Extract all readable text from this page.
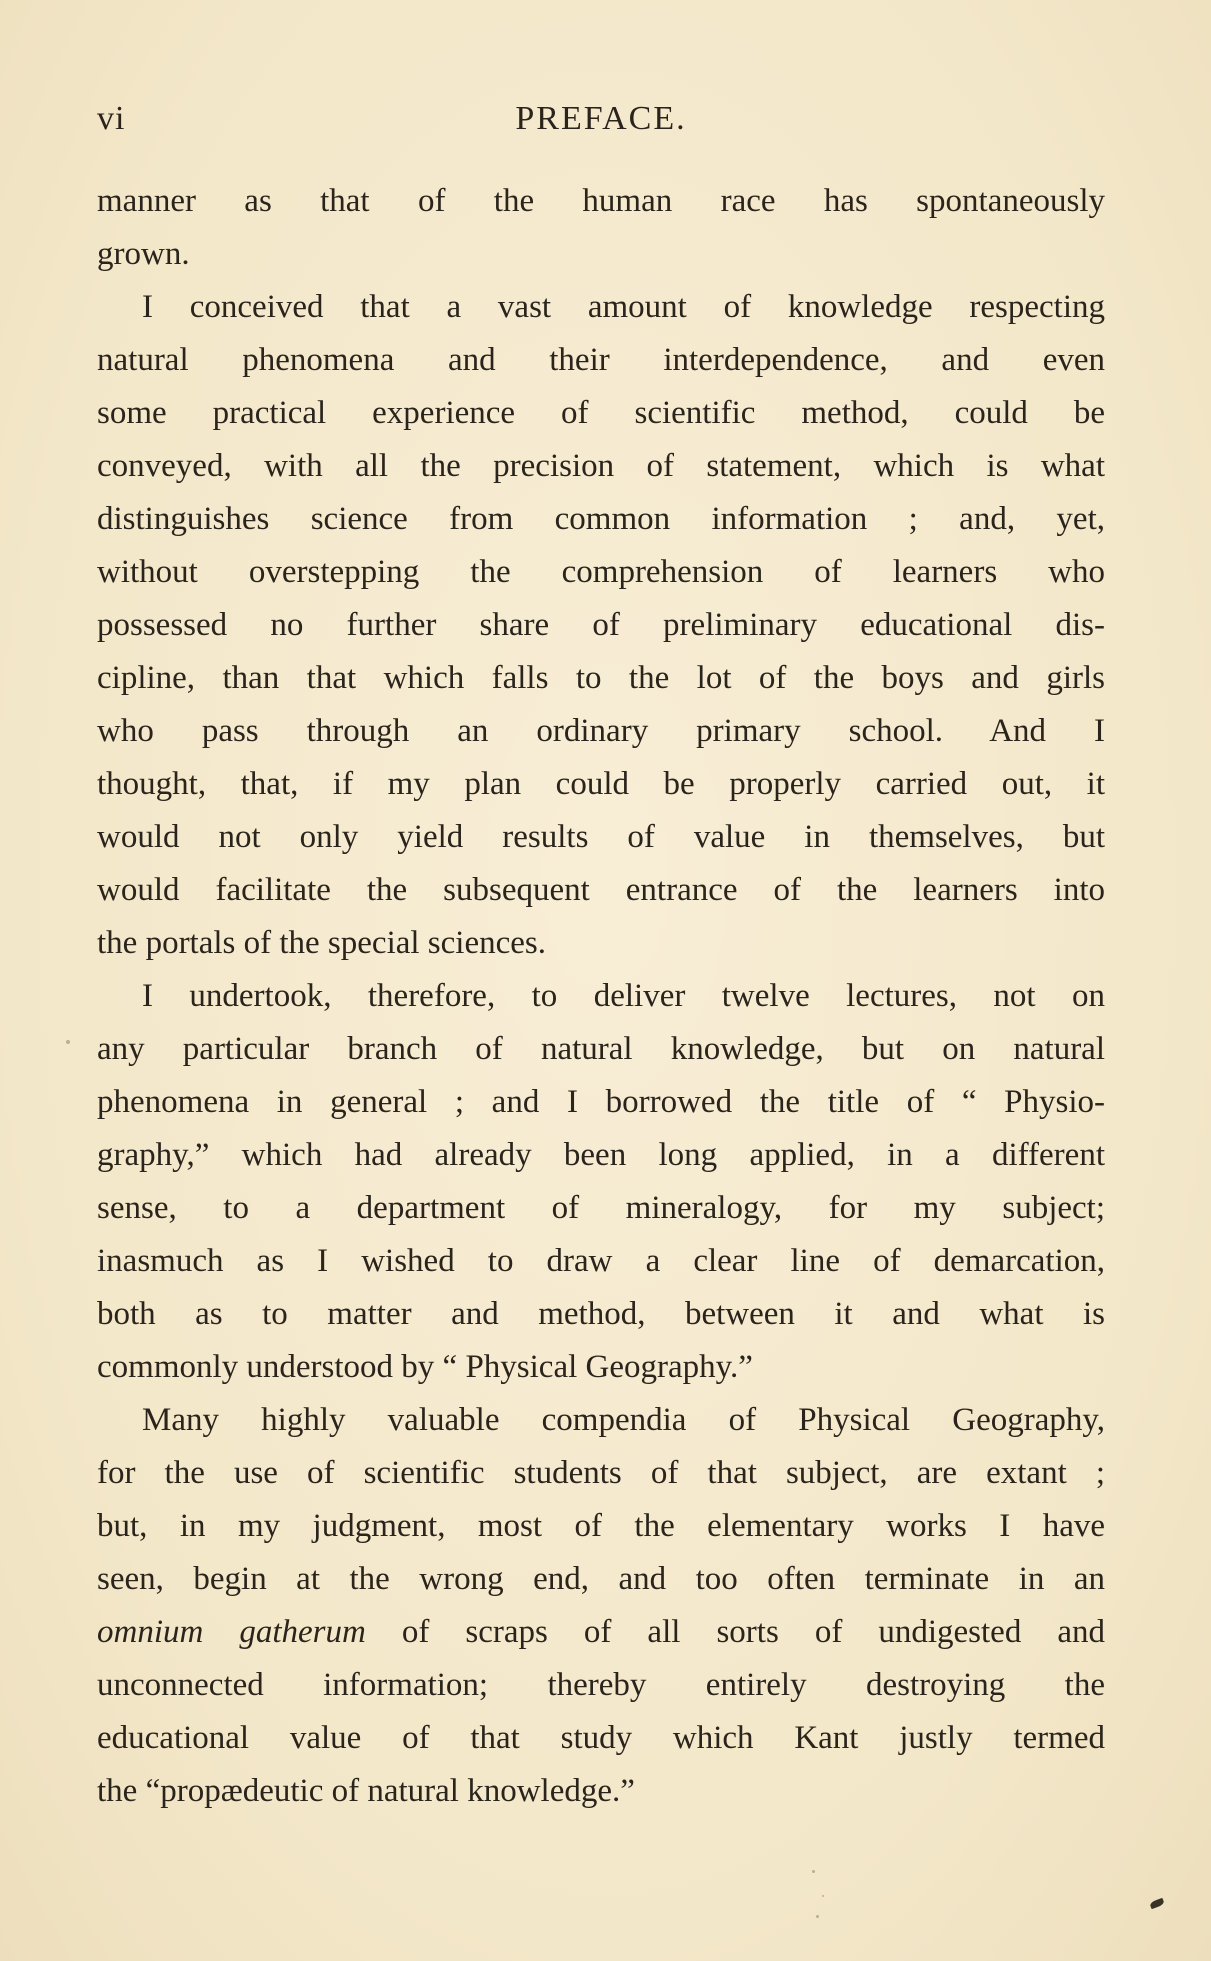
vi	PREFACE.
manner as that of the human race has spontaneously
grown.
I conceived that a vast amount of knowledge respecting
natural phenomena and their interdependence, and even
some practical experience of scientific method, could be
conveyed, with all the precision of statement, which is what
distinguishes science from common information ; and, yet,
without overstepping the comprehension of learners who
possessed no further share of preliminary educational dis-
cipline, than that which falls to the lot of the boys and girls
who pass through an ordinary primary school. And I
thought, that, if my plan could be properly carried out, it
would not only yield results of value in themselves, but
would facilitate the subsequent entrance of the learners into
the portals of the special sciences.
I undertook, therefore, to deliver twelve lectures, not on
any particular branch of natural knowledge, but on natural
phenomena in general ; and I borrowed the title of “ Physio-
graphy,” which had already been long applied, in a different
sense, to a department of mineralogy, for my subject;
inasmuch as I wished to draw a clear line of demarcation,
both as to matter and method, between it and what is
commonly understood by “ Physical Geography.”
Many highly valuable compendia of Physical Geography,
for the use of scientific students of that subject, are extant ;
but, in my judgment, most of the elementary works I have
seen, begin at the wrong end, and too often terminate in an
omnium gatherum of scraps of all sorts of undigested and
unconnected information; thereby entirely destroying the
educational value of that study which Kant justly termed
the “propædeutic of natural knowledge.”
